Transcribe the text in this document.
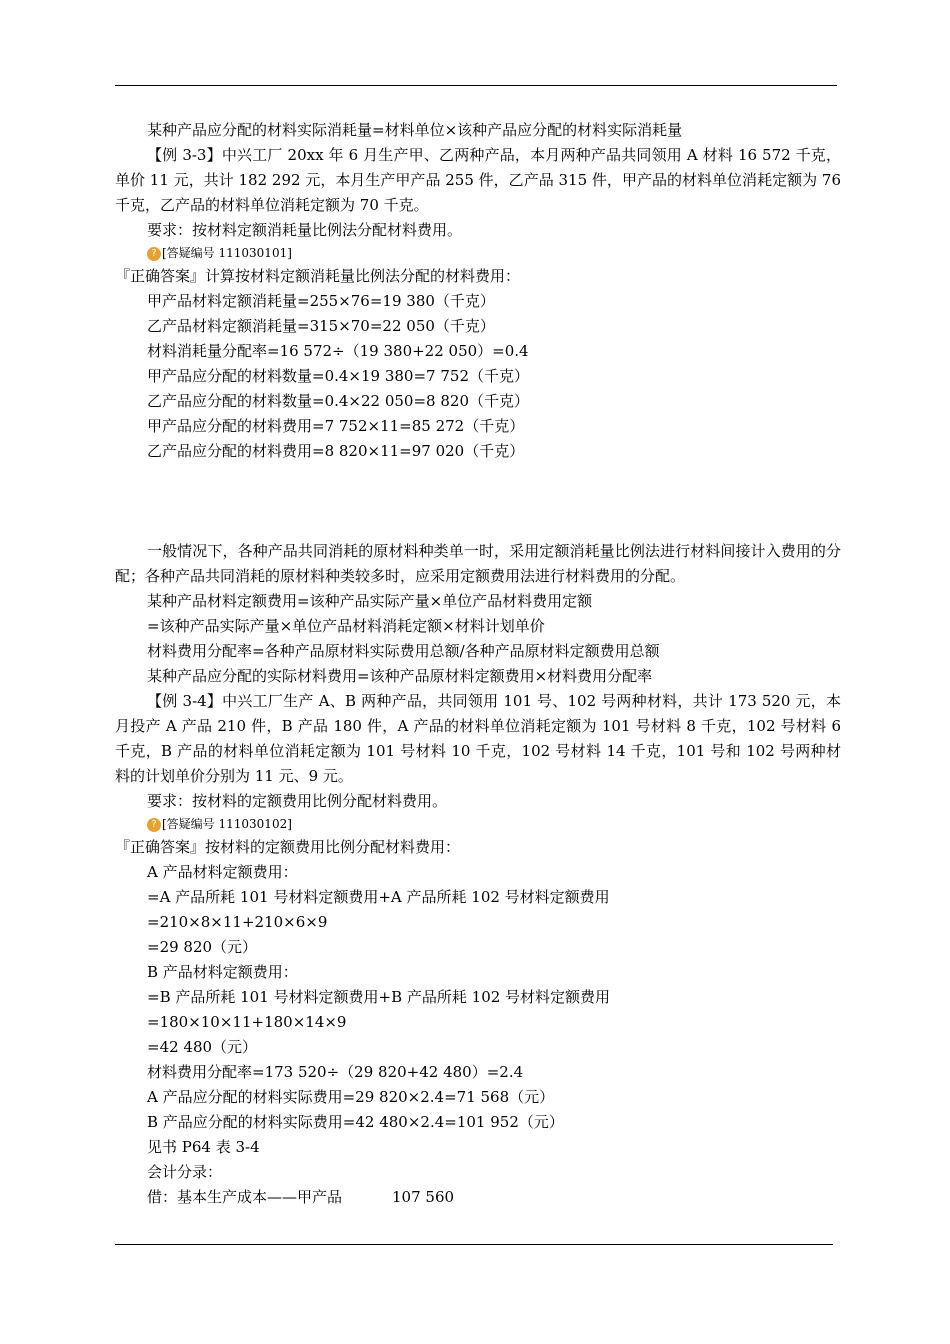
某种产品应分配的材料实际消耗量=材料单位×该种产品应分配的材料实际消耗量
【例 3-3】中兴工厂 20xx 年 6 月生产甲、乙两种产品，本月两种产品共同领用 A 材料 16 572 千克，单价 11 元，共计 182 292 元，本月生产甲产品 255 件，乙产品 315 件，甲产品的材料单位消耗定额为 76 千克，乙产品的材料单位消耗定额为 70 千克。
要求：按材料定额消耗量比例法分配材料费用。
? [答疑编号 111030101]
『正确答案』计算按材料定额消耗量比例法分配的材料费用：
甲产品材料定额消耗量=255×76=19 380（千克）
乙产品材料定额消耗量=315×70=22 050（千克）
材料消耗量分配率=16 572÷（19 380+22 050）=0.4
甲产品应分配的材料数量=0.4×19 380=7 752（千克）
乙产品应分配的材料数量=0.4×22 050=8 820（千克）
甲产品应分配的材料费用=7 752×11=85 272（千克）
乙产品应分配的材料费用=8 820×11=97 020（千克）
一般情况下，各种产品共同消耗的原材料种类单一时，采用定额消耗量比例法进行材料间接计入费用的分配；各种产品共同消耗的原材料种类较多时，应采用定额费用法进行材料费用的分配。
某种产品材料定额费用=该种产品实际产量×单位产品材料费用定额
=该种产品实际产量×单位产品材料消耗定额×材料计划单价
材料费用分配率=各种产品原材料实际费用总额/各种产品原材料定额费用总额
某种产品应分配的实际材料费用=该种产品原材料定额费用×材料费用分配率
【例 3-4】中兴工厂生产 A、B 两种产品，共同领用 101 号、102 号两种材料，共计 173 520 元，本月投产 A 产品 210 件，B 产品 180 件，A 产品的材料单位消耗定额为 101 号材料 8 千克，102 号材料 6 千克，B 产品的材料单位消耗定额为 101 号材料 10 千克，102 号材料 14 千克，101 号和 102 号两种材料的计划单价分别为 11 元、9 元。
要求：按材料的定额费用比例分配材料费用。
? [答疑编号 111030102]
『正确答案』按材料的定额费用比例分配材料费用：
A 产品材料定额费用：
=A 产品所耗 101 号材料定额费用+A 产品所耗 102 号材料定额费用
=210×8×11+210×6×9
=29 820（元）
B 产品材料定额费用：
=B 产品所耗 101 号材料定额费用+B 产品所耗 102 号材料定额费用
=180×10×11+180×14×9
=42 480（元）
材料费用分配率=173 520÷（29 820+42 480）=2.4
A 产品应分配的材料实际费用=29 820×2.4=71 568（元）
B 产品应分配的材料实际费用=42 480×2.4=101 952（元）
见书 P64 表 3-4
会计分录：
借：基本生产成本——甲产品	107 560
